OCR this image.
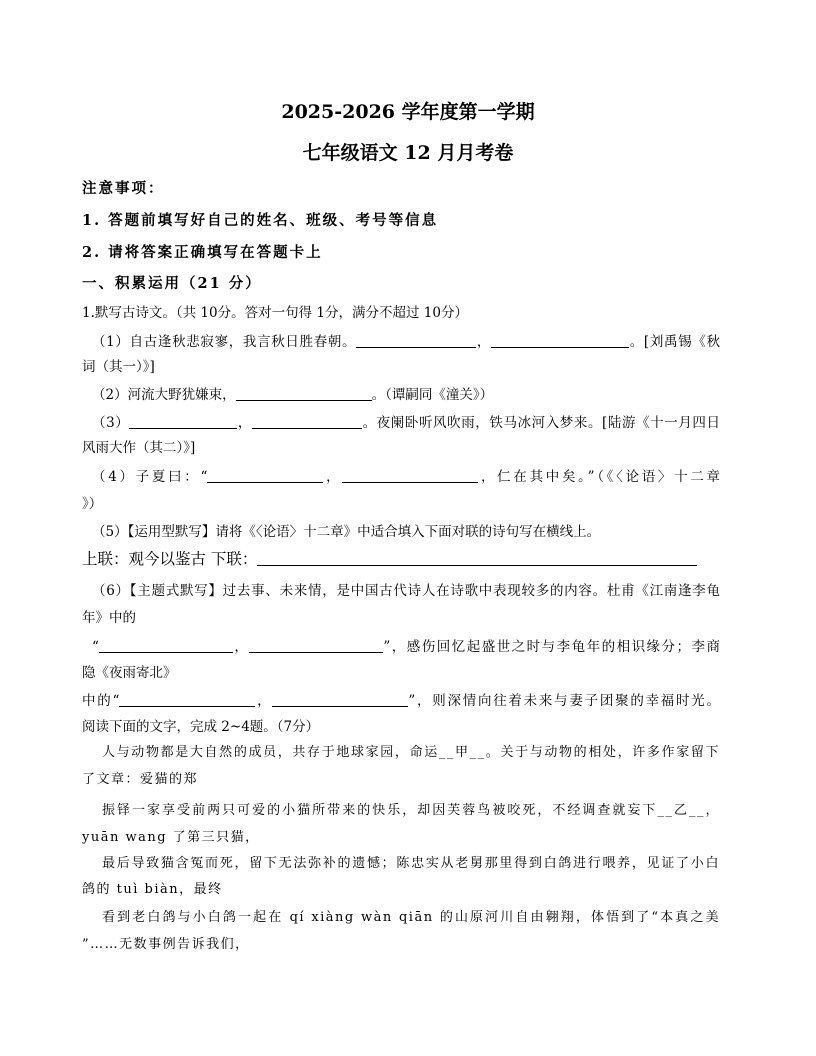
2025-2026 学年度第一学期
七年级语文 12 月月考卷
注意事项：
1. 答题前填写好自己的姓名、班级、考号等信息
2. 请将答案正确填写在答题卡上
一、积累运用（21 分）
1.默写古诗文。（共 10分。答对一句得 1分，满分不超过 10分）
（1）自古逢秋悲寂寥，我言秋日胜春朝。	，	。[刘禹锡《秋
词（其一）》]
（2）河流大野犹嫌束，	。（谭嗣同《潼关》）
（3）	，	。夜阑卧听风吹雨，铁马冰河入梦来。[陆游《十一月四日
风雨大作（其二）》]
（4）子夏曰：“	，	，仁在其中矣。”（《〈论语〉十二章
》）
（5）【运用型默写】请将《〈论语〉十二章》中适合填入下面对联的诗句写在横线上。
上联：观今以鉴古 下联：
（6）【主题式默写】过去事、未来情，是中国古代诗人在诗歌中表现较多的内容。杜甫《江南逢李龟
年》中的
“	，	”，感伤回忆起盛世之时与李龟年的相识缘分；李商
隐《夜雨寄北》
中的“	，	”，则深情向往着未来与妻子团聚的幸福时光。
阅读下面的文字，完成 2~4题。（7分）
人与动物都是大自然的成员，共存于地球家园，命运__甲__。关于与动物的相处，许多作家留下
了文章：爱猫的郑
振铎一家享受前两只可爱的小猫所带来的快乐，却因芙蓉鸟被咬死，不经调查就妄下__乙__，
yuān wang 了第三只猫，
最后导致猫含冤而死，留下无法弥补的遗憾；陈忠实从老舅那里得到白鸽进行喂养，见证了小白
鸽的 tuì biàn，最终
看到老白鸽与小白鸽一起在 qí xiàng wàn qiān 的山原河川自由翱翔，体悟到了“本真之美
”……无数事例告诉我们，
